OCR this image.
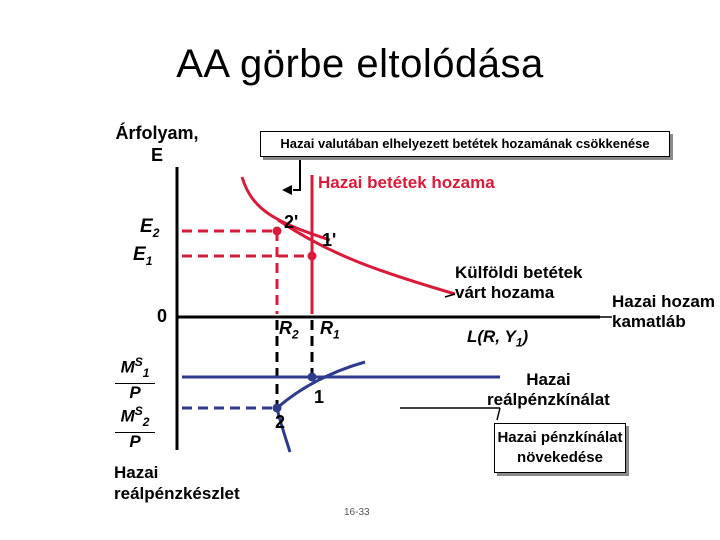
AA görbe eltolódása
Árfolyam,
E
Hazai valutában elhelyezett betétek hozamának csökkenése
Hazai betétek hozama
$E_2$
$E_1$
0
2'
1'
1
2
Külföldi betétek
várt hozama	Hazai hozam
kamatláb
$R_2$ $R_1$	L(R, $Y_1$)
$\frac{M^S_1}{P}$
$\frac{M^S_2}{P}$
Hazai
reálpénzkínálat
Hazai pénzkínálat
növekedése
Hazai
reálpénzkészlet
16-33
